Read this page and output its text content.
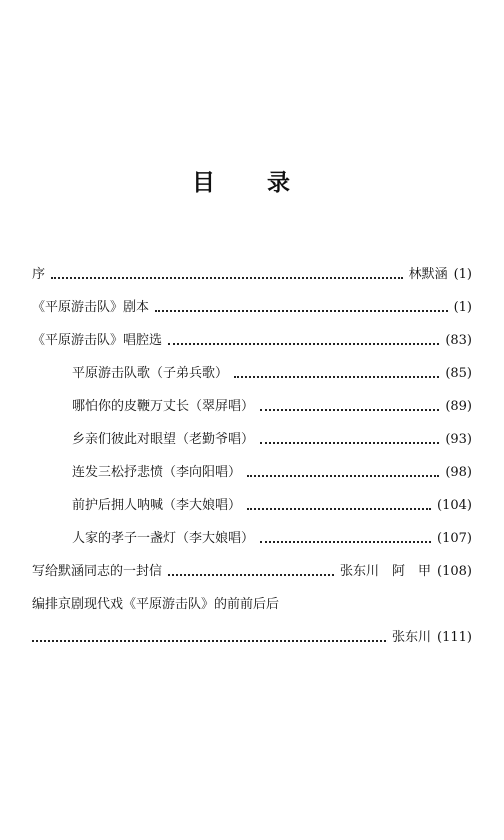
目 录
序	林默涵 (1)
《平原游击队》剧本	(1)
《平原游击队》唱腔选	(83)
平原游击队歌（子弟兵歌）	(85)
哪怕你的皮鞭万丈长（翠屏唱）	(89)
乡亲们彼此对眼望（老勤爷唱）	(93)
连发三松抒悲愤（李向阳唱）	(98)
前护后拥人呐喊（李大娘唱）	(104)
人家的孝子一盏灯（李大娘唱）	(107)
写给默涵同志的一封信	张东川　阿　甲 (108)
编排京剧现代戏《平原游击队》的前前后后
张东川 (111)
